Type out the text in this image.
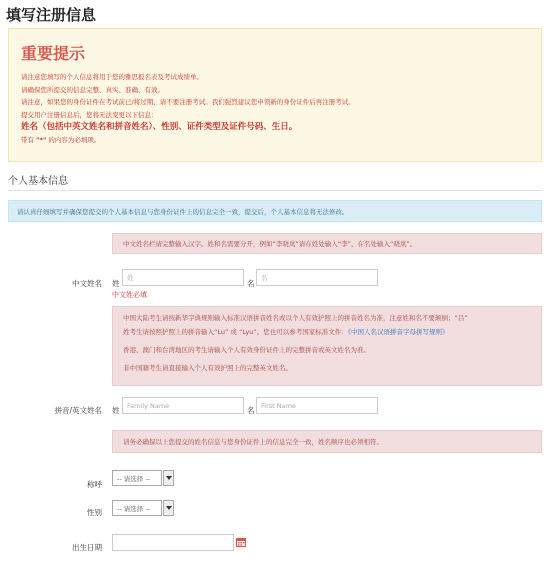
填写注册信息
重要提示
请注意您填写的个人信息将用于您的雅思报名表及考试成绩单。
请确保您所提交的信息完整、真实、准确、有效。
请注意，如果您的身份证件在考试前已/将过期，请不要注册考试。我们强烈建议您申领新的身份证件后再注册考试。
提交用户注册信息后，您将无法变更以下信息：
姓名（包括中英文姓名和拼音姓名）、性别、证件类型及证件号码、生日。
带有 "*" 的内容为必填项。
个人基本信息
请认真仔细填写并确保您提交的个人基本信息与您身份证件上的信息完全一致，提交后，个人基本信息将无法修改。
中文姓名栏请完整输入汉字。姓和名需要分开，例如“李晓岚”请在姓处输入“李”，在名处输入“晓岚”。
中文姓名 姓
姓	名
名
中文姓必填
中国大陆考生请按新华字典规则输入标准汉语拼音姓名或以个人有效护照上的拼音姓名为准，注意姓和名不要颠倒；“吕”
姓考生请按照护照上的拼音输入“Lu” 或 “Lyu”。您也可以参考国家标准文件：《中国人名汉语拼音字母拼写规则》
香港、澳门和台湾地区的考生请输入个人有效身份证件上的完整拼音或英文姓名为准。
非中国籍考生请直接输入个人有效护照上的完整英文姓名。
拼音/英文姓名 姓
Family Name	名
First Name
请务必确保以上您提交的姓名信息与您身份证件上的信息完全一致，姓名顺序也必须相符。
称呼
-- 请选择 --
性别 -- 请选择 --
出生日期
